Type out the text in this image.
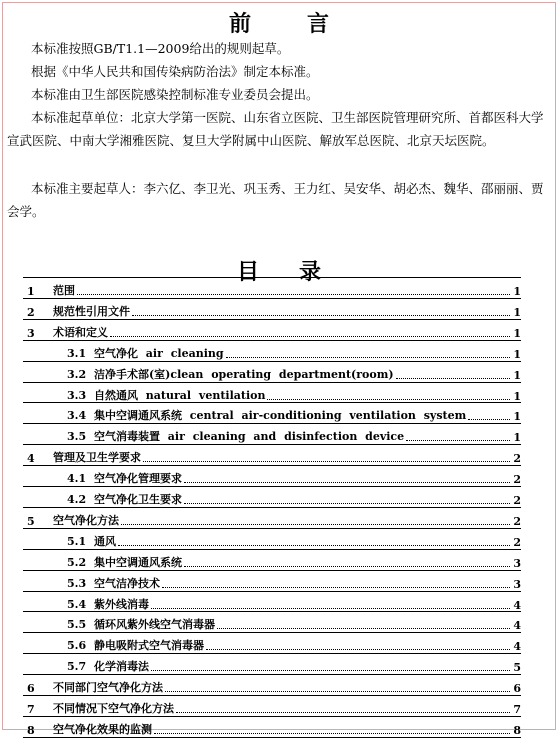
前	言

本标准按照GB/T1.1—2009给出的规则起草。

根据《中华人民共和国传染病防治法》制定本标准。

本标准由卫生部医院感染控制标准专业委员会提出。

本标准起草单位：北京大学第一医院、山东省立医院、卫生部医院管理研究所、首都医科大学宣武医院、中南大学湘雅医院、复旦大学附属中山医院、解放军总医院、北京天坛医院。

本标准主要起草人：李六亿、李卫光、巩玉秀、王力红、吴安华、胡必杰、魏华、邵丽丽、贾会学。

目 录
1	范围	1
2	规范性引用文件	1
3	术语和定义	1
3.1 空气净化 air cleaning	1
3.2 洁净手术部(室)clean operating department(room)	1
3.3 自然通风 natural ventilation	1
3.4 集中空调通风系统 central air-conditioning ventilation system	1
3.5 空气消毒装置 air cleaning and disinfection device	1
4	管理及卫生学要求	2
4.1 空气净化管理要求	2
4.2 空气净化卫生要求	2
5	空气净化方法	2
5.1 通风	2
5.2 集中空调通风系统	3
5.3 空气洁净技术	3
5.4 紫外线消毒	4
5.5 循环风紫外线空气消毒器	4
5.6 静电吸附式空气消毒器	4
5.7 化学消毒法	5
6	不同部门空气净化方法	6
7	不同情况下空气净化方法	7
8	空气净化效果的监测	8
